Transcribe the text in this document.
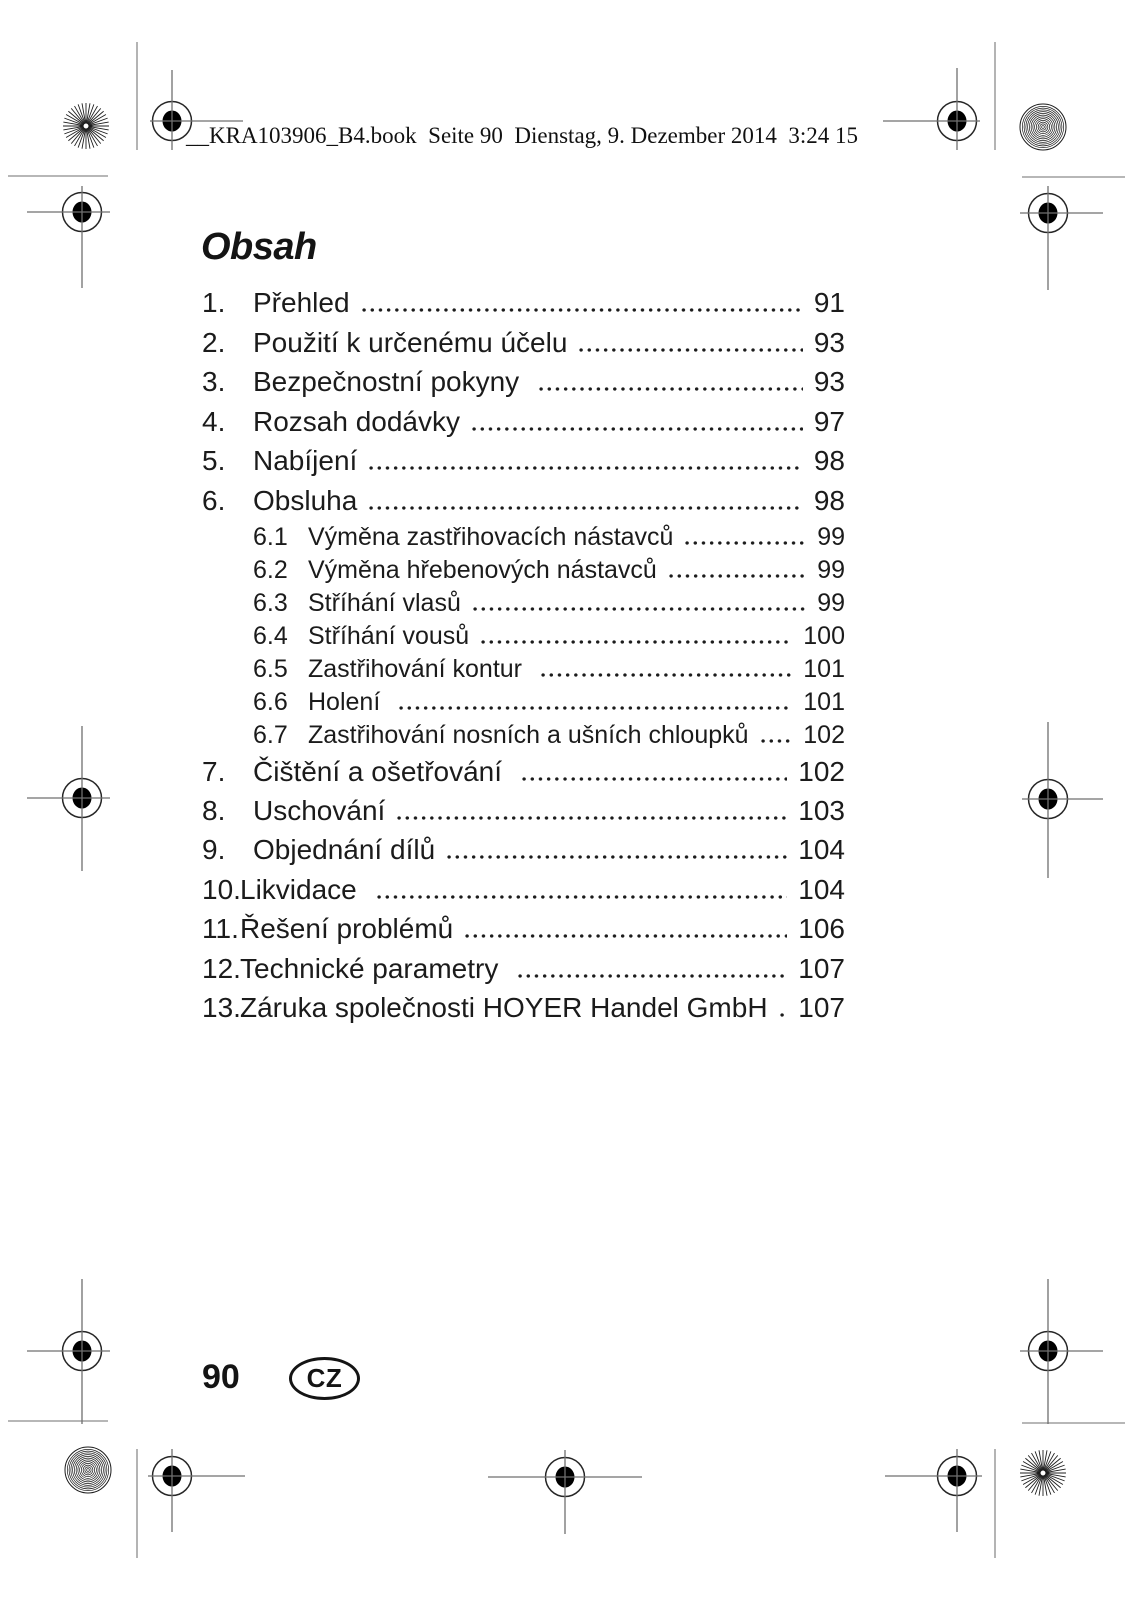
__KRA103906_B4.book  Seite 90  Dienstag, 9. Dezember 2014  3:24 15
Obsah
1. Přehled	91
2. Použití k určenému účelu	93
3. Bezpečnostní pokyny	93
4. Rozsah dodávky	97
5. Nabíjení	98
6. Obsluha	98
6.1 Výměna zastřihovacích nástavců	99
6.2 Výměna hřebenových nástavců	99
6.3 Stříhání vlasů	99
6.4 Stříhání vousů	100
6.5 Zastřihování kontur	101
6.6 Holení	101
6.7 Zastřihování nosních a ušních chloupků 102
7. Čištění a ošetřování	102
8. Uschování	103
9. Objednání dílů	104
10. Likvidace	104
11. Řešení problémů	106
12. Technické parametry	107
13. Záruka společnosti HOYER Handel GmbH 107
90	CZ
